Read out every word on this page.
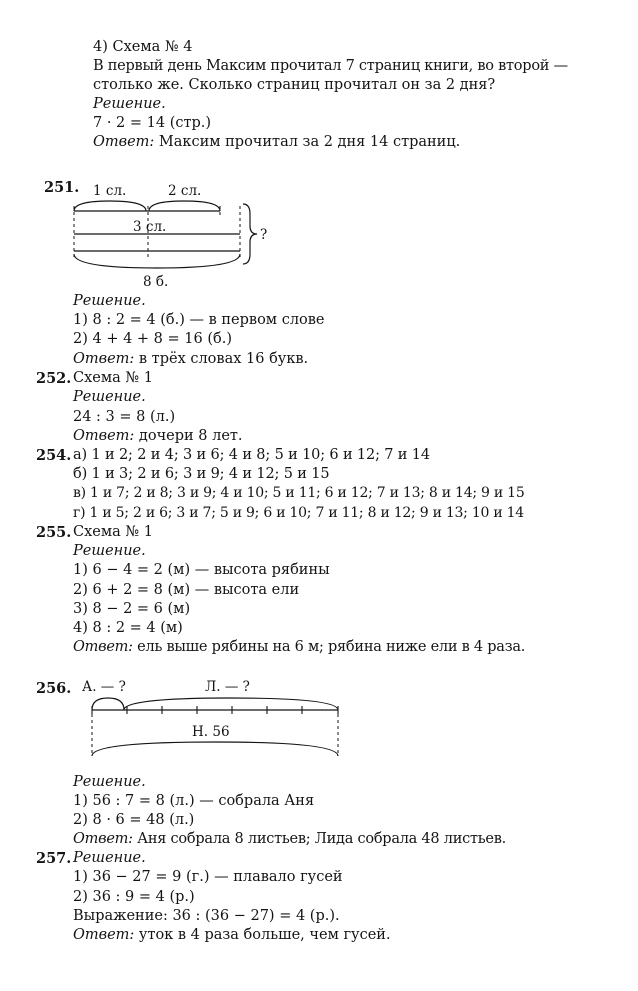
4) Схема № 4
В первый день Максим прочитал 7 страниц книги, во второй —
столько же. Сколько страниц прочитал он за 2 дня?
Решение.
7 · 2 = 14 (стр.)
Ответ: Максим прочитал за 2 дня 14 страниц.
251. 1 сл.	2 сл.
3 сл.
8 б.
?
Решение.
1) 8 : 2 = 4 (б.) — в первом слове
2) 4 + 4 + 8 = 16 (б.)
Ответ: в трёх словах 16 букв.
252. Схема № 1
Решение.
24 : 3 = 8 (л.)
Ответ: дочери 8 лет.
254. а) 1 и 2; 2 и 4; 3 и 6; 4 и 8; 5 и 10; 6 и 12; 7 и 14
б) 1 и 3; 2 и 6; 3 и 9; 4 и 12; 5 и 15
в) 1 и 7; 2 и 8; 3 и 9; 4 и 10; 5 и 11; 6 и 12; 7 и 13; 8 и 14; 9 и 15
г) 1 и 5; 2 и 6; 3 и 7; 5 и 9; 6 и 10; 7 и 11; 8 и 12; 9 и 13; 10 и 14
255. Схема № 1
Решение.
1) 6 − 4 = 2 (м) — высота рябины
2) 6 + 2 = 8 (м) — высота ели
3) 8 − 2 = 6 (м)
4) 8 : 2 = 4 (м)
Ответ: ель выше рябины на 6 м; рябина ниже ели в 4 раза.
256. А. — ?	Л. — ?
Н. 56
Решение.
1) 56 : 7 = 8 (л.) — собрала Аня
2) 8 · 6 = 48 (л.)
Ответ: Аня собрала 8 листьев; Лида собрала 48 листьев.
257. Решение.
1) 36 − 27 = 9 (г.) — плавало гусей
2) 36 : 9 = 4 (р.)
Выражение: 36 : (36 − 27) = 4 (р.).
Ответ: уток в 4 раза больше, чем гусей.
